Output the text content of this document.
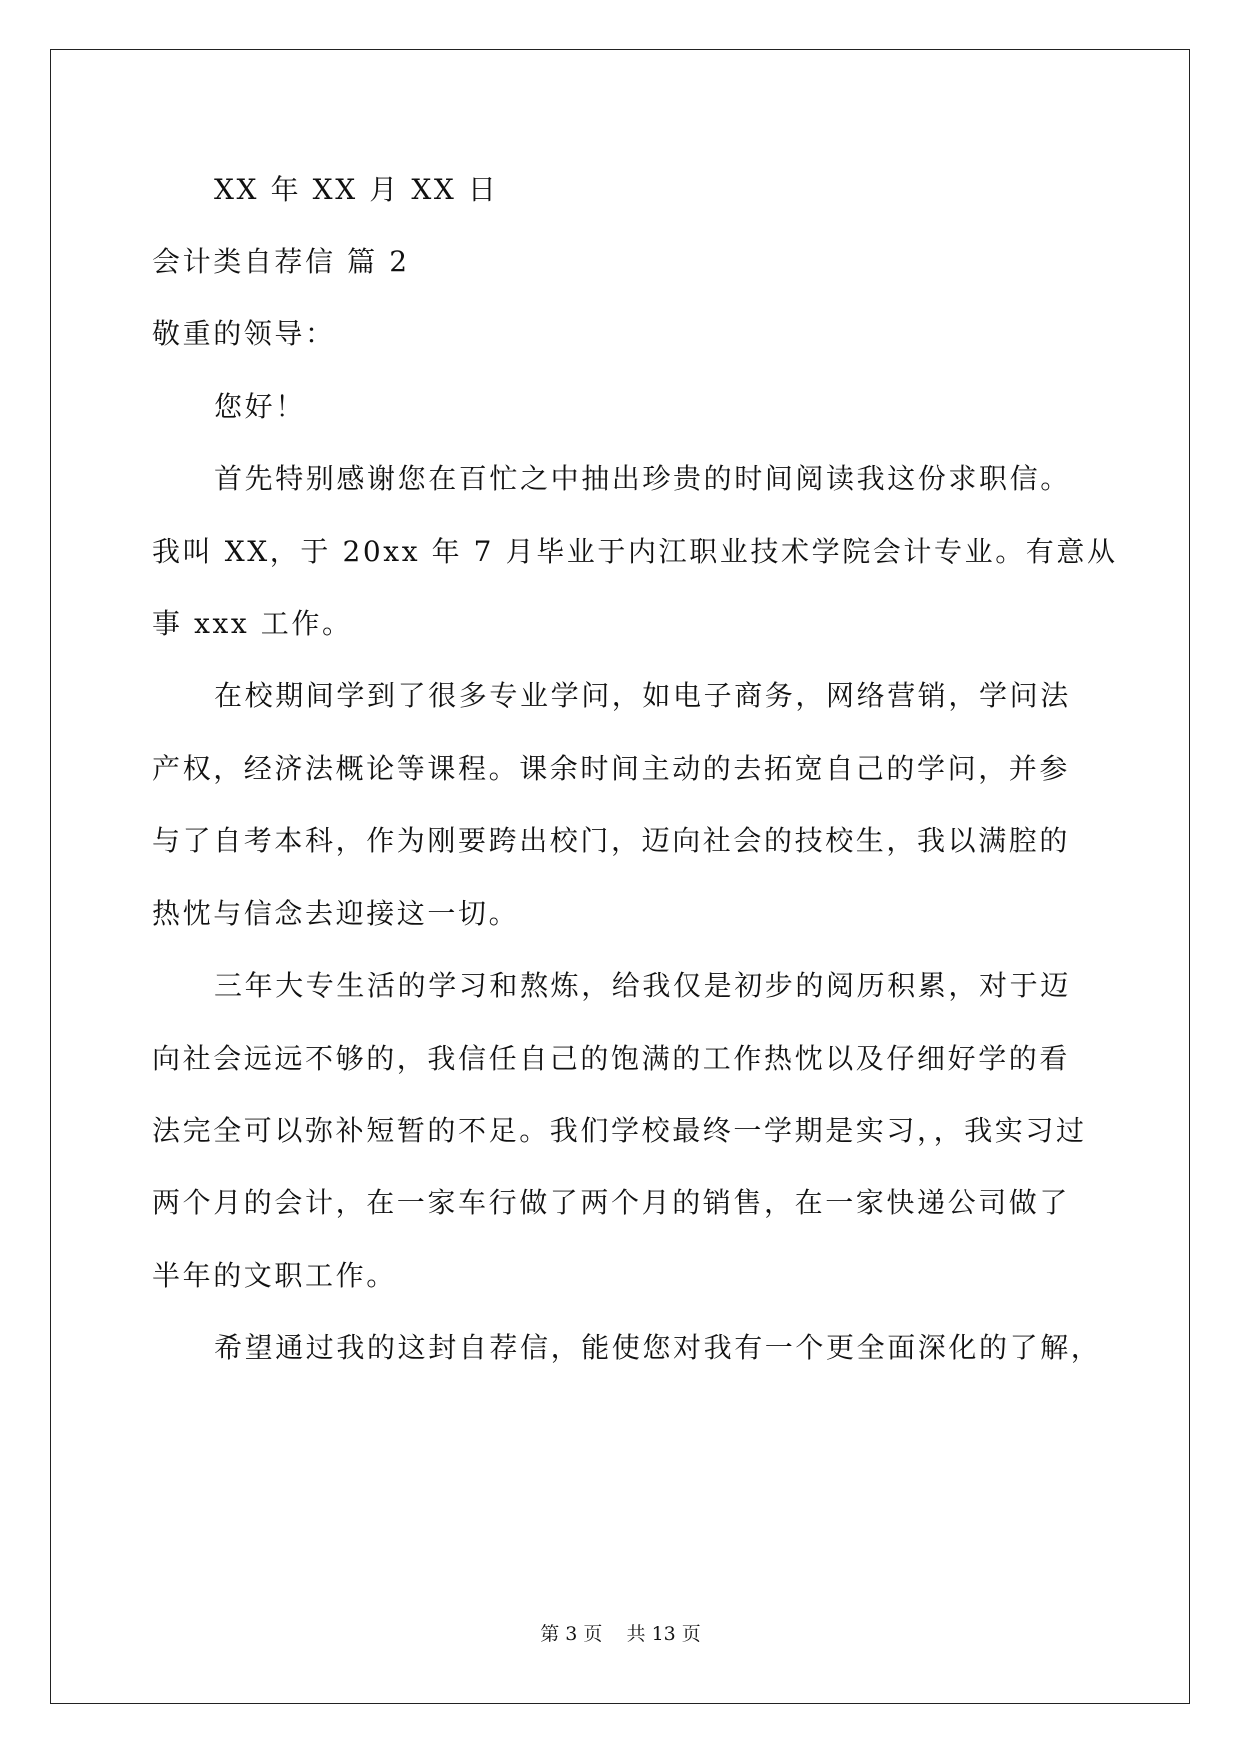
XX 年 XX 月 XX 日
会计类自荐信 篇 2
敬重的领导：
您好！
首先特别感谢您在百忙之中抽出珍贵的时间阅读我这份求职信。
我叫 XX，于 20xx 年 7 月毕业于内江职业技术学院会计专业。有意从
事 xxx 工作。
在校期间学到了很多专业学问，如电子商务，网络营销，学问法
产权，经济法概论等课程。课余时间主动的去拓宽自己的学问，并参
与了自考本科，作为刚要跨出校门，迈向社会的技校生，我以满腔的
热忱与信念去迎接这一切。
三年大专生活的学习和熬炼，给我仅是初步的阅历积累，对于迈
向社会远远不够的，我信任自己的饱满的工作热忱以及仔细好学的看
法完全可以弥补短暂的不足。我们学校最终一学期是实习，，我实习过
两个月的会计，在一家车行做了两个月的销售，在一家快递公司做了
半年的文职工作。
希望通过我的这封自荐信，能使您对我有一个更全面深化的了解，
第 3 页    共 13 页
